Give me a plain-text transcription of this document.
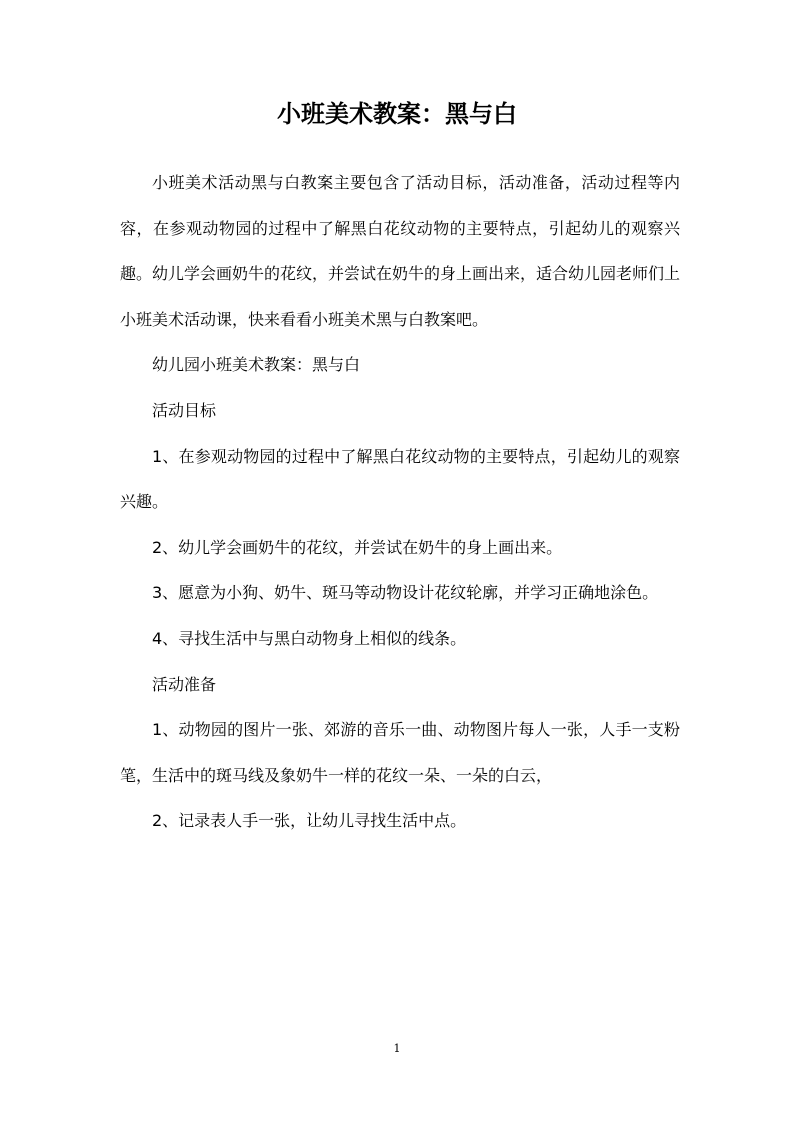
小班美术教案：黑与白

小班美术活动黑与白教案主要包含了活动目标，活动准备，活动过程等内容，在参观动物园的过程中了解黑白花纹动物的主要特点，引起幼儿的观察兴趣。幼儿学会画奶牛的花纹，并尝试在奶牛的身上画出来，适合幼儿园老师们上小班美术活动课，快来看看小班美术黑与白教案吧。

幼儿园小班美术教案：黑与白

活动目标

1、在参观动物园的过程中了解黑白花纹动物的主要特点，引起幼儿的观察兴趣。

2、幼儿学会画奶牛的花纹，并尝试在奶牛的身上画出来。

3、愿意为小狗、奶牛、斑马等动物设计花纹轮廓，并学习正确地涂色。

4、寻找生活中与黑白动物身上相似的线条。

活动准备

1、动物园的图片一张、郊游的音乐一曲、动物图片每人一张，人手一支粉笔，生活中的斑马线及象奶牛一样的花纹一朵、一朵的白云，

2、记录表人手一张，让幼儿寻找生活中点。

1
